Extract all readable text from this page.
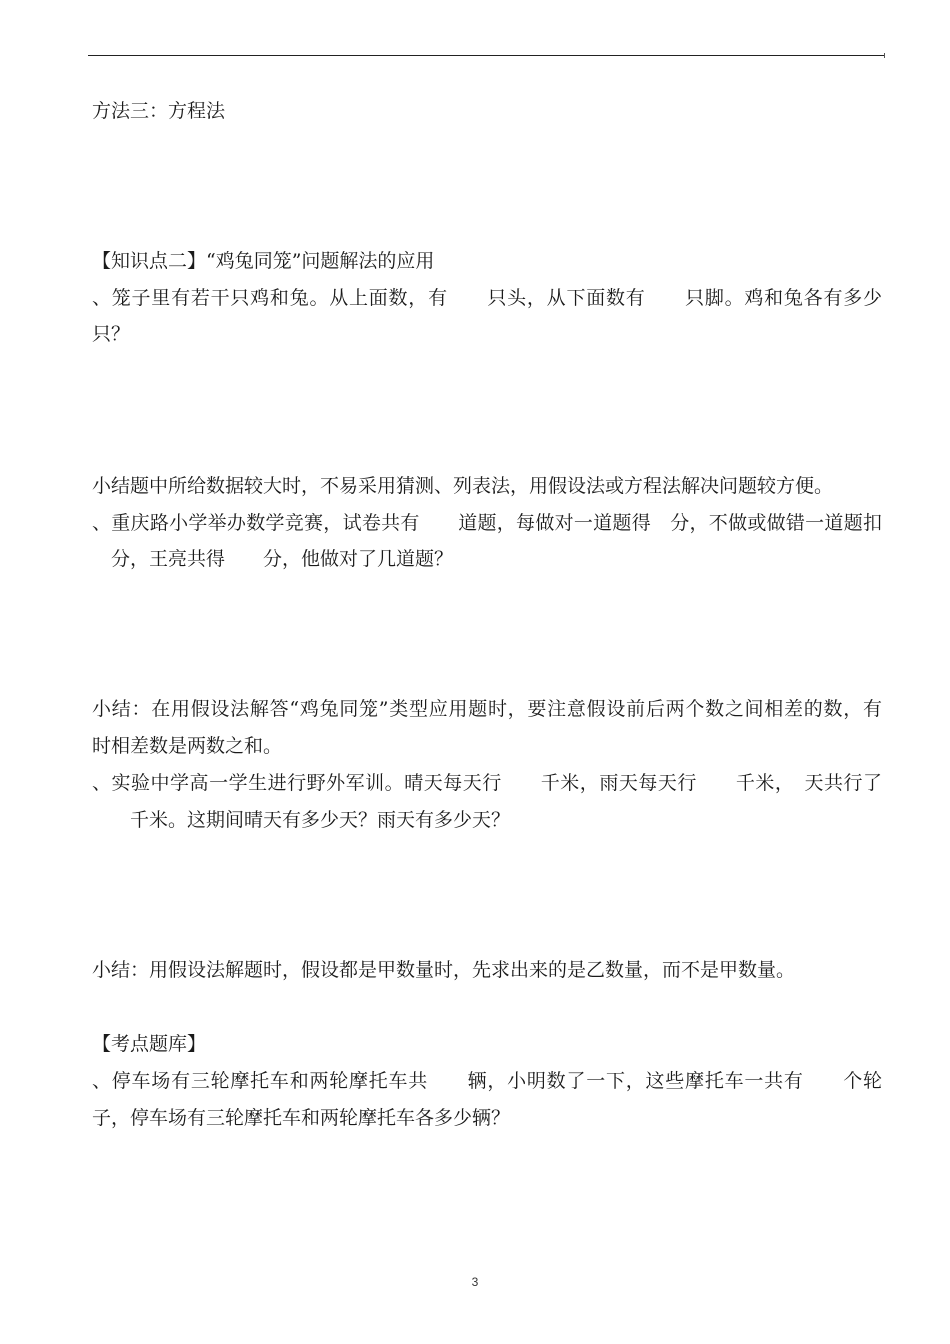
方法三：方程法
【知识点二】“鸡兔同笼”问题解法的应用
、笼子里有若干只鸡和兔。从上面数，有　　只头，从下面数有　　只脚。鸡和兔各有多少
只？
小结题中所给数据较大时，不易采用猜测、列表法，用假设法或方程法解决问题较方便。
、重庆路小学举办数学竞赛，试卷共有　　道题，每做对一道题得　分，不做或做错一道题扣
　分，王亮共得　　分，他做对了几道题？
小结：在用假设法解答“鸡兔同笼”类型应用题时，要注意假设前后两个数之间相差的数，有
时相差数是两数之和。
、实验中学高一学生进行野外军训。晴天每天行　　千米，雨天每天行　　千米，　天共行了
　　千米。这期间晴天有多少天？雨天有多少天？
小结：用假设法解题时，假设都是甲数量时，先求出来的是乙数量，而不是甲数量。
【考点题库】
、停车场有三轮摩托车和两轮摩托车共　　辆，小明数了一下，这些摩托车一共有　　个轮
子，停车场有三轮摩托车和两轮摩托车各多少辆？
3
